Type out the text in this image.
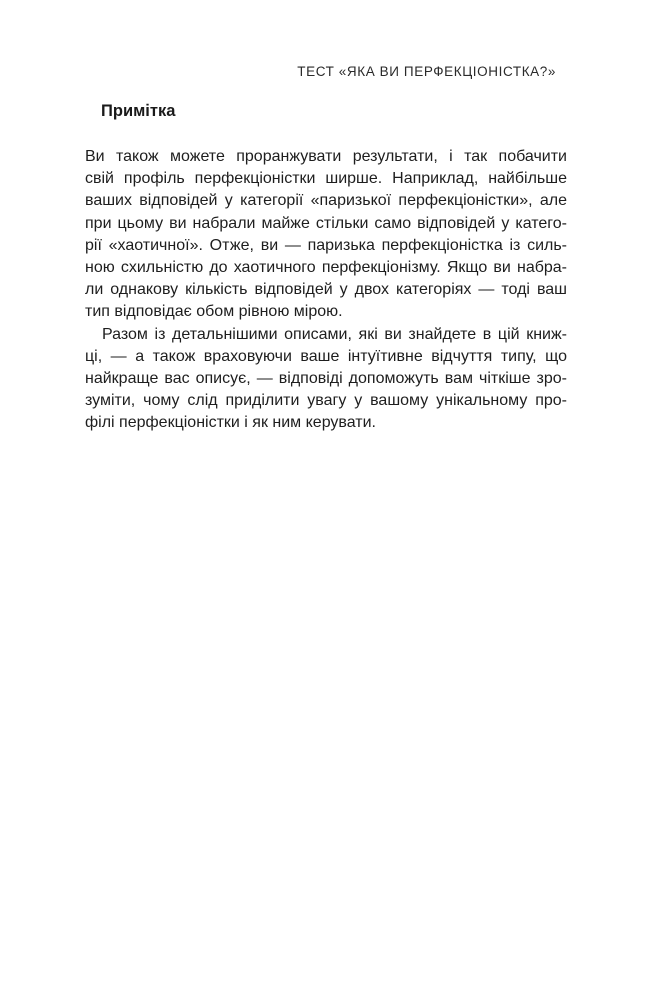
ТЕСТ «ЯКА ВИ ПЕРФЕКЦІОНІСТКА?»
Примітка
Ви також можете проранжувати результати, і так побачити
свій профіль перфекціоністки ширше. Наприклад, найбільше
ваших відповідей у категорії «паризької перфекціоністки», але
при цьому ви набрали майже стільки само відповідей у катего-
рії «хаотичної». Отже, ви — паризька перфекціоністка із силь-
ною схильністю до хаотичного перфекціонізму. Якщо ви набра-
ли однакову кількість відповідей у двох категоріях — тоді ваш
тип відповідає обом рівною мірою.
Разом із детальнішими описами, які ви знайдете в цій книж-
ці, — а також враховуючи ваше інтуїтивне відчуття типу, що
найкраще вас описує, — відповіді допоможуть вам чіткіше зро-
зуміти, чому слід приділити увагу у вашому унікальному про-
філі перфекціоністки і як ним керувати.
